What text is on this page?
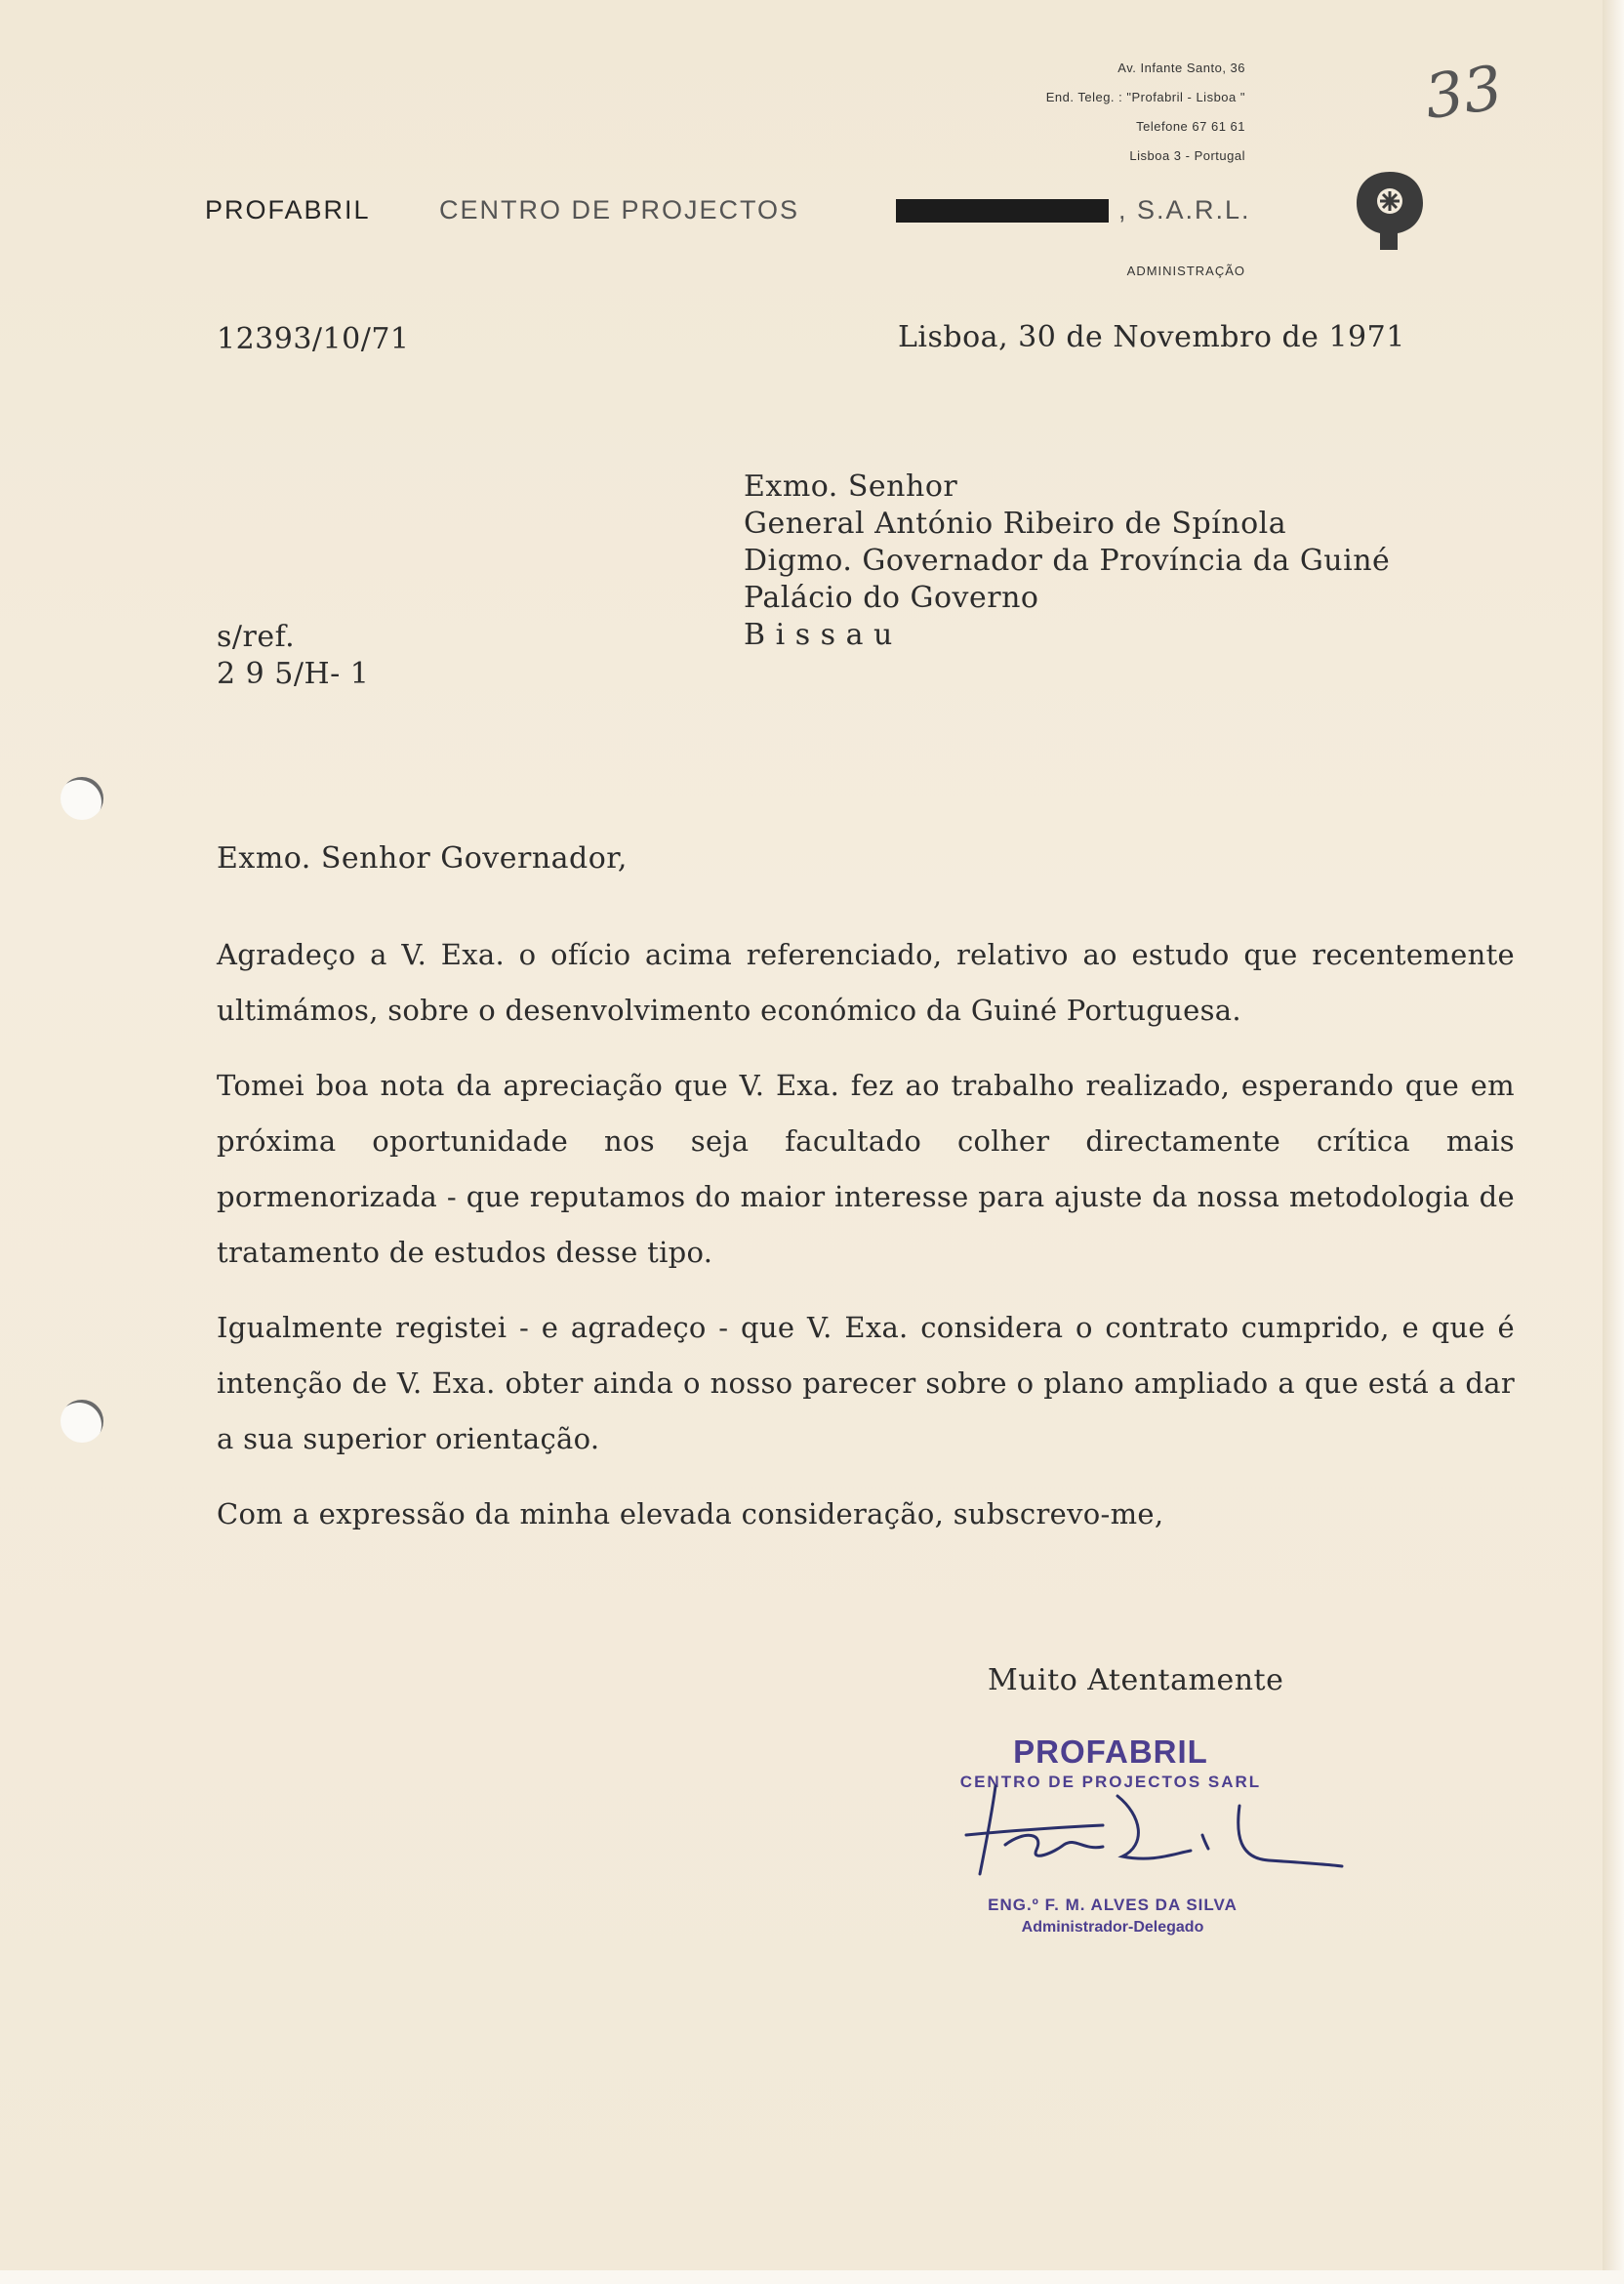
Av. Infante Santo, 36
End. Teleg. : "Profabril - Lisboa "
Telefone 67 61 61
Lisboa 3 - Portugal
PROFABRIL	CENTRO DE PROJECTOS	, S.A.R.L.
ADMINISTRAÇÃO
33
12393/10/71	Lisboa, 30 de Novembro de 1971
Exmo. Senhor
General António Ribeiro de Spínola
Digmo. Governador da Província da Guiné
Palácio do Governo
B i s s a u
s/ref.
2 9 5/H- 1
Exmo. Senhor Governador,

Agradeço a V. Exa. o ofício acima referenciado, relativo ao estudo que recentemente ultimámos, sobre o desenvolvimento económico da Guiné Portuguesa.

Tomei boa nota da apreciação que V. Exa. fez ao trabalho realizado, esperando que em próxima oportunidade nos seja facultado colher directamente crítica mais pormenorizada - que reputamos do maior interesse para ajuste da nossa metodologia de tratamento de estudos desse tipo.

Igualmente registei - e agradeço - que V. Exa. considera o contrato cumprido, e que é intenção de V. Exa. obter ainda o nosso parecer sobre o plano ampliado a que está a dar a sua superior orientação.

Com a expressão da minha elevada consideração, subscrevo-me,

Muito Atentamente
PROFABRIL
CENTRO DE PROJECTOS SARL
ENG.º F. M. ALVES DA SILVA
Administrador-Delegado
